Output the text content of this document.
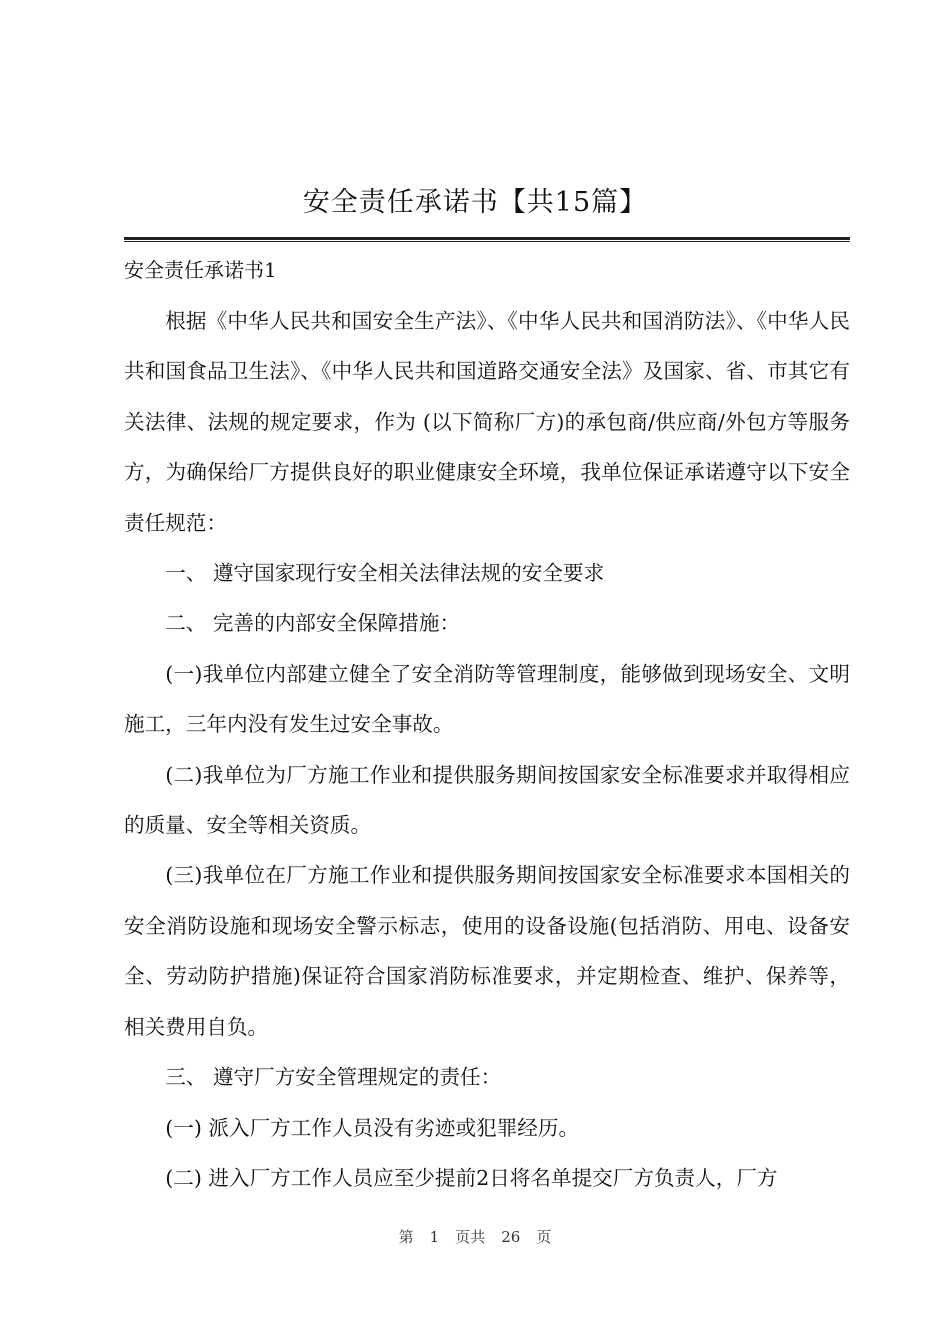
安全责任承诺书【共15篇】
安全责任承诺书1

根据《中华人民共和国安全生产法》、《中华人民共和国消防法》、《中华人民共和国食品卫生法》、《中华人民共和国道路交通安全法》及国家、省、市其它有关法律、法规的规定要求，作为 (以下简称厂方)的承包商/供应商/外包方等服务方，为确保给厂方提供良好的职业健康安全环境，我单位保证承诺遵守以下安全责任规范：

一、 遵守国家现行安全相关法律法规的安全要求

二、 完善的内部安全保障措施：

(一)我单位内部建立健全了安全消防等管理制度，能够做到现场安全、文明施工，三年内没有发生过安全事故。

(二)我单位为厂方施工作业和提供服务期间按国家安全标准要求并取得相应的质量、安全等相关资质。

(三)我单位在厂方施工作业和提供服务期间按国家安全标准要求本国相关的安全消防设施和现场安全警示标志，使用的设备设施(包括消防、用电、设备安全、劳动防护措施)保证符合国家消防标准要求，并定期检查、维护、保养等，相关费用自负。

三、 遵守厂方安全管理规定的责任：

(一) 派入厂方工作人员没有劣迹或犯罪经历。

(二) 进入厂方工作人员应至少提前2日将名单提交厂方负责人，厂方

第 1 页共 26 页
